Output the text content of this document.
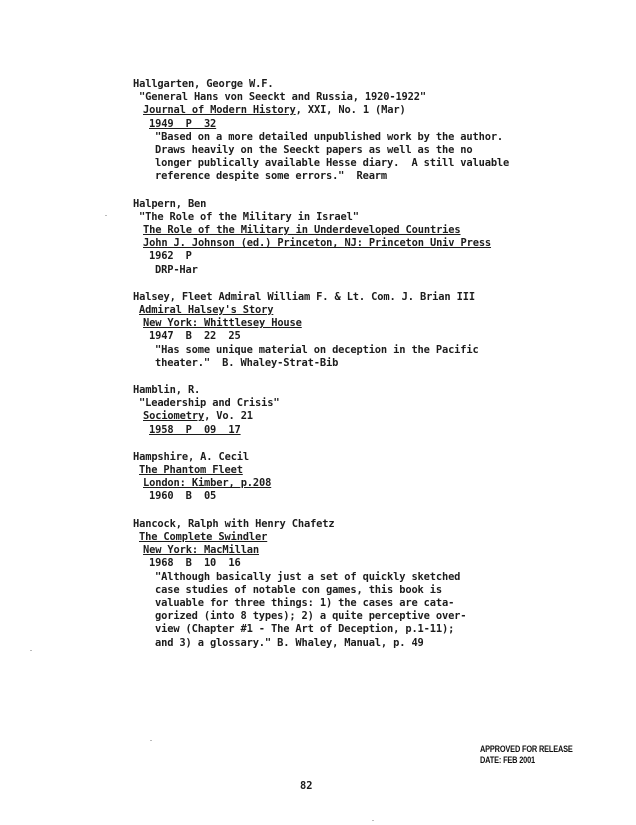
Hallgarten, George W.F.
"General Hans von Seeckt and Russia, 1920-1922"
Journal of Modern History, XXI, No. 1 (Mar)
1949  P  32
"Based on a more detailed unpublished work by the author.
Draws heavily on the Seeckt papers as well as the no
longer publically available Hesse diary.  A still valuable
reference despite some errors."  Rearm
Halpern, Ben
"The Role of the Military in Israel"
The Role of the Military in Underdeveloped Countries
John J. Johnson (ed.) Princeton, NJ: Princeton Univ Press
1962  P
DRP-Har
Halsey, Fleet Admiral William F. & Lt. Com. J. Brian III
Admiral Halsey's Story
New York: Whittlesey House
1947  B  22  25
"Has some unique material on deception in the Pacific
theater."  B. Whaley-Strat-Bib
Hamblin, R.
"Leadership and Crisis"
Sociometry, Vo. 21
1958  P  09  17
Hampshire, A. Cecil
The Phantom Fleet
London: Kimber, p.208
1960  B  05
Hancock, Ralph with Henry Chafetz
The Complete Swindler
New York: MacMillan
1968  B  10  16
"Although basically just a set of quickly sketched
case studies of notable con games, this book is
valuable for three things: 1) the cases are cata-
gorized (into 8 types); 2) a quite perceptive over-
view (Chapter #1 - The Art of Deception, p.1-11);
and 3) a glossary." B. Whaley, Manual, p. 49
APPROVED FOR RELEASE
DATE: FEB 2001
82
